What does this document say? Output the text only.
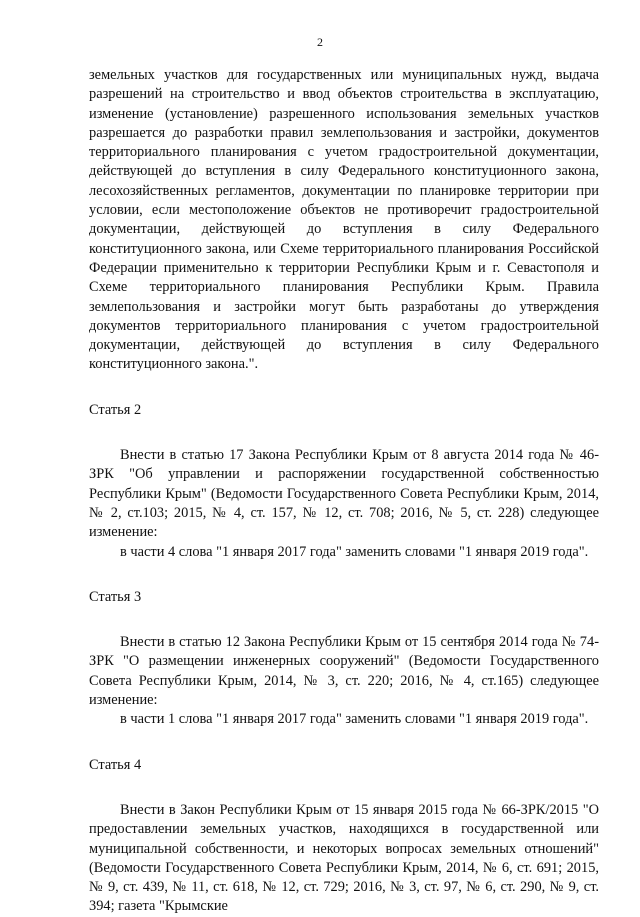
2

земельных участков для государственных или муниципальных нужд, выдача разрешений на строительство и ввод объектов строительства в эксплуатацию, изменение (установление) разрешенного использования земельных участков разрешается до разработки правил землепользования и застройки, документов территориального планирования с учетом градостроительной документации, действующей до вступления в силу Федерального конституционного закона, лесохозяйственных регламентов, документации по планировке территории при условии, если местоположение объектов не противоречит градостроительной документации, действующей до вступления в силу Федерального конституционного закона, или Схеме территориального планирования Российской Федерации применительно к территории Республики Крым и г. Севастополя и Схеме территориального планирования Республики Крым. Правила землепользования и застройки могут быть разработаны до утверждения документов территориального планирования с учетом градостроительной документации, действующей до вступления в силу Федерального конституционного закона.".

Статья 2

Внести в статью 17 Закона Республики Крым от 8 августа 2014 года № 46-ЗРК "Об управлении и распоряжении государственной собственностью Республики Крым" (Ведомости Государственного Совета Республики Крым, 2014, № 2, ст.103; 2015, № 4, ст. 157, № 12, ст. 708; 2016, № 5, ст. 228) следующее изменение:

в части 4 слова "1 января 2017 года" заменить словами "1 января 2019 года".

Статья 3

Внести в статью 12 Закона Республики Крым от 15 сентября 2014 года № 74-ЗРК "О размещении инженерных сооружений" (Ведомости Государственного Совета Республики Крым, 2014, № 3, ст. 220; 2016, № 4, ст.165) следующее изменение:

в части 1 слова "1 января 2017 года" заменить словами "1 января 2019 года".

Статья 4

Внести в Закон Республики Крым от 15 января 2015 года № 66-ЗРК/2015 "О предоставлении земельных участков, находящихся в государственной или муниципальной собственности, и некоторых вопросах земельных отношений" (Ведомости Государственного Совета Республики Крым, 2014, № 6, ст. 691; 2015, № 9, ст. 439, № 11, ст. 618, № 12, ст. 729; 2016, № 3, ст. 97, № 6, ст. 290, № 9, ст. 394; газета "Крымские
